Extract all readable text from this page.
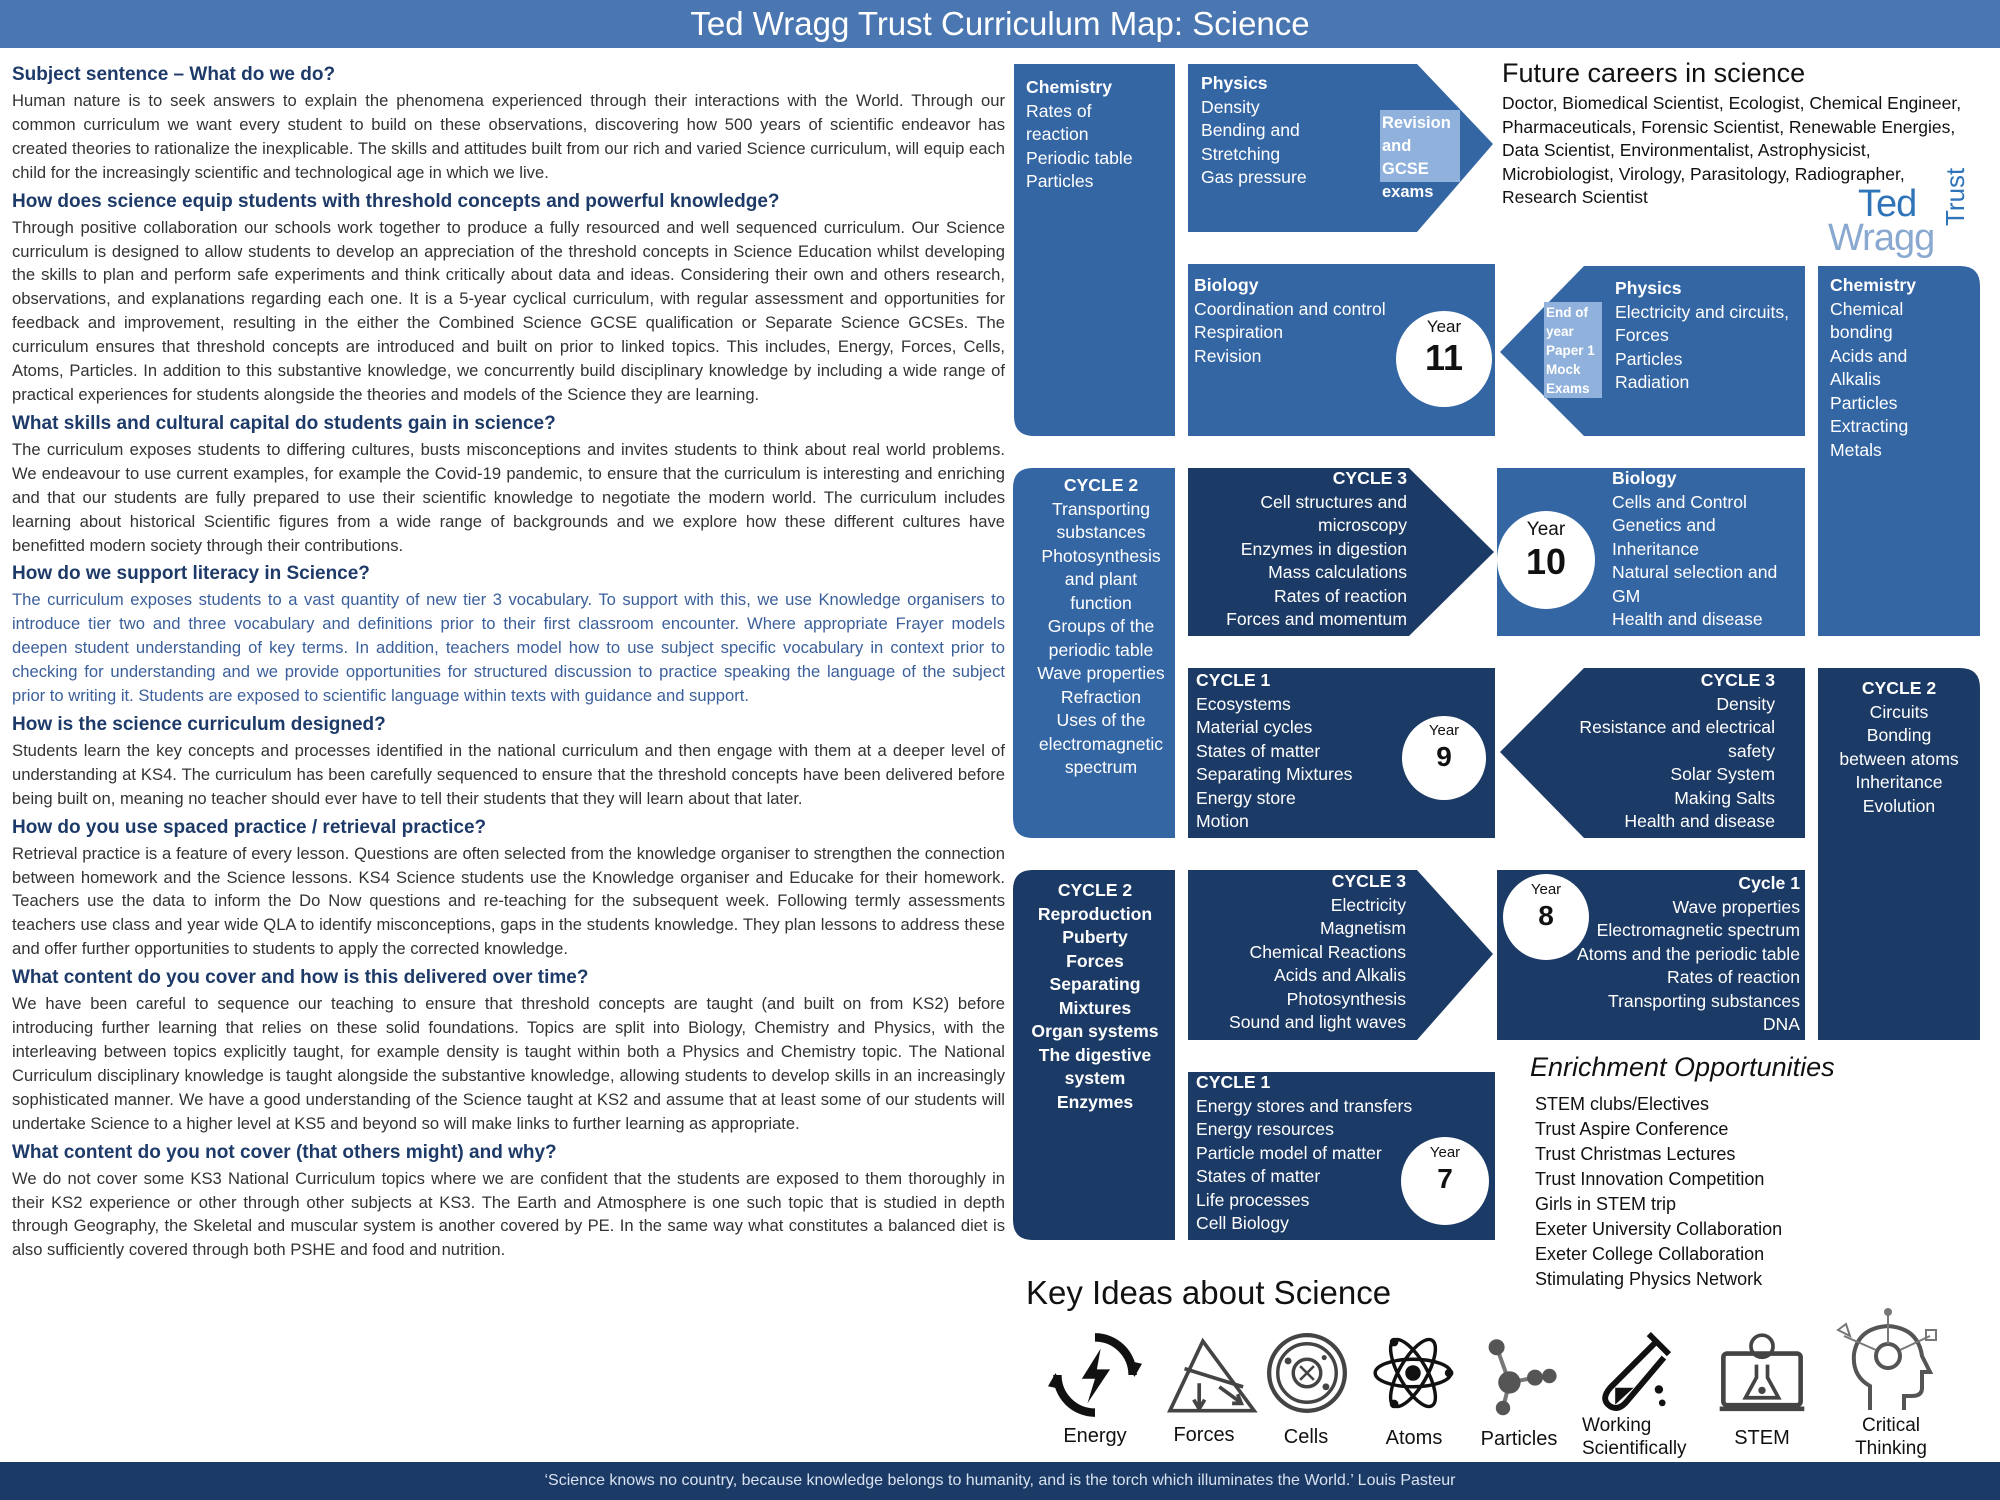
Ted Wragg Trust Curriculum Map: Science
Subject sentence – What do we do?

Human nature is to seek answers to explain the phenomena experienced through their interactions with the World. Through our common curriculum we want every student to build on these observations, discovering how 500 years of scientific endeavor has created theories to rationalize the inexplicable. The skills and attitudes built from our rich and varied Science curriculum, will equip each child for the increasingly scientific and technological age in which we live.

How does science equip students with threshold concepts and powerful knowledge?

Through positive collaboration our schools work together to produce a fully resourced and well sequenced curriculum. Our Science curriculum is designed to allow students to develop an appreciation of the threshold concepts in Science Education whilst developing the skills to plan and perform safe experiments and think critically about data and ideas. Considering their own and others research, observations, and explanations regarding each one. It is a 5-year cyclical curriculum, with regular assessment and opportunities for feedback and improvement, resulting in the either the Combined Science GCSE qualification or Separate Science GCSEs. The curriculum ensures that threshold concepts are introduced and built on prior to linked topics. This includes, Energy, Forces, Cells, Atoms, Particles. In addition to this substantive knowledge, we concurrently build disciplinary knowledge by including a wide range of practical experiences for students alongside the theories and models of the Science they are learning.

What skills and cultural capital do students gain in science?

The curriculum exposes students to differing cultures, busts misconceptions and invites students to think about real world problems. We endeavour to use current examples, for example the Covid-19 pandemic, to ensure that the curriculum is interesting and enriching and that our students are fully prepared to use their scientific knowledge to negotiate the modern world. The curriculum includes learning about historical Scientific figures from a wide range of backgrounds and we explore how these different cultures have benefitted modern society through their contributions.

How do we support literacy in Science?

The curriculum exposes students to a vast quantity of new tier 3 vocabulary. To support with this, we use Knowledge organisers to introduce tier two and three vocabulary and definitions prior to their first classroom encounter. Where appropriate Frayer models deepen student understanding of key terms. In addition, teachers model how to use subject specific vocabulary in context prior to checking for understanding and we provide opportunities for structured discussion to practice speaking the language of the subject prior to writing it. Students are exposed to scientific language within texts with guidance and support.

How is the science curriculum designed?

Students learn the key concepts and processes identified in the national curriculum and then engage with them at a deeper level of understanding at KS4. The curriculum has been carefully sequenced to ensure that the threshold concepts have been delivered before being built on, meaning no teacher should ever have to tell their students that they will learn about that later.

How do you use spaced practice / retrieval practice?

Retrieval practice is a feature of every lesson. Questions are often selected from the knowledge organiser to strengthen the connection between homework and the Science lessons. KS4 Science students use the Knowledge organiser and Educake for their homework. Teachers use the data to inform the Do Now questions and re-teaching for the subsequent week. Following termly assessments teachers use class and year wide QLA to identify misconceptions, gaps in the students knowledge. They plan lessons to address these and offer further opportunities to students to apply the corrected knowledge.

What content do you cover and how is this delivered over time?

We have been careful to sequence our teaching to ensure that threshold concepts are taught (and built on from KS2) before introducing further learning that relies on these solid foundations. Topics are split into Biology, Chemistry and Physics, with the interleaving between topics explicitly taught, for example density is taught within both a Physics and Chemistry topic. The National Curriculum disciplinary knowledge is taught alongside the substantive knowledge, allowing students to develop skills in an increasingly sophisticated manner. We have a good understanding of the Science taught at KS2 and assume that at least some of our students will undertake Science to a higher level at KS5 and beyond so will make links to further learning as appropriate.

What content do you not cover (that others might) and why?

We do not cover some KS3 National Curriculum topics where we are confident that the students are exposed to them thoroughly in their KS2 experience or other through other subjects at KS3. The Earth and Atmosphere is one such topic that is studied in depth through Geography, the Skeletal and muscular system is another covered by PE. In the same way what constitutes a balanced diet is also sufficiently covered through both PSHE and food and nutrition.

Chemistry
Rates of
reaction
Periodic table
Particles
Physics
Density
Bending and
Stretching
Gas pressure
Revision
and GCSE
exams
Biology
Coordination and control
Respiration
Revision
Year
11
End of
year
Paper 1
Mock
Exams
Physics
Electricity and circuits,
Forces
Particles
Radiation
Chemistry
Chemical
bonding
Acids and
Alkalis
Particles
Extracting
Metals
CYCLE 2
Transporting
substances
Photosynthesis
and plant
function
Groups of the
periodic table
Wave properties
Refraction
Uses of the
electromagnetic
spectrum
CYCLE 3
Cell structures and
microscopy
Enzymes in digestion
Mass calculations
Rates of reaction
Forces and momentum
Year
10
Biology
Cells and Control
Genetics and
Inheritance
Natural selection and
GM
Health and disease
CYCLE 1
Ecosystems
Material cycles
States of matter
Separating Mixtures
Energy store
Motion
Year
9
CYCLE 3
Density
Resistance and electrical
safety
Solar System
Making Salts
Health and disease
CYCLE 2
Circuits
Bonding
between atoms
Inheritance
Evolution
CYCLE 2
Reproduction
Puberty
Forces
Separating
Mixtures
Organ systems
The digestive
system
Enzymes
CYCLE 3
Electricity
Magnetism
Chemical Reactions
Acids and Alkalis
Photosynthesis
Sound and light waves
Year
8
Cycle 1
Wave properties
Electromagnetic spectrum
Atoms and the periodic table
Rates of reaction
Transporting substances
DNA
CYCLE 1
Energy stores and transfers
Energy resources
Particle model of matter
States of matter
Life processes
Cell Biology
Year
7
Future careers in science
Doctor, Biomedical Scientist, Ecologist, Chemical Engineer, Pharmaceuticals, Forensic Scientist, Renewable Energies, Data Scientist, Environmentalist, Astrophysicist, Microbiologist, Virology, Parasitology, Radiographer, Research Scientist	Ted
Wragg
Trust
Enrichment Opportunities
STEM clubs/Electives
Trust Aspire Conference
Trust Christmas Lectures
Trust Innovation Competition
Girls in STEM trip
Exeter University Collaboration
Exeter College Collaboration
Stimulating Physics Network
Key Ideas about Science
Energy	Forces	Cells	Atoms	Particles
Working Scientifically	STEM
Critical Thinking
‘Science knows no country, because knowledge belongs to humanity, and is the torch which illuminates the World.’ Louis Pasteur
